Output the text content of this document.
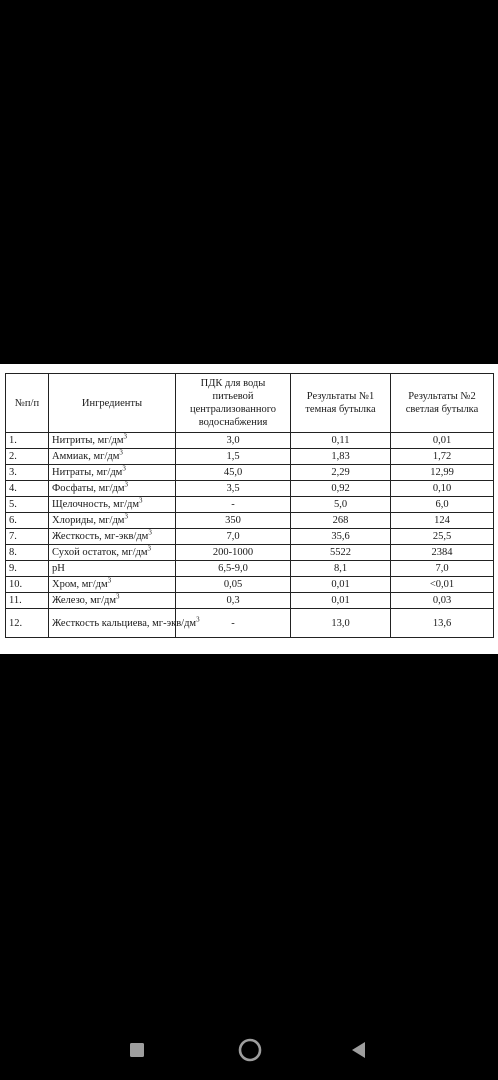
№п/п	Ингредиенты	ПДК для воды питьевой централизованного водоснабжения	Результаты №1 темная бутылка	Результаты №2 светлая бутылка
1.	Нитриты, $мг/дм^3$	3,0	0,11	0,01
2.	Аммиак, $мг/дм^3$	1,5	1,83	1,72
3.	Нитраты, $мг/дм^3$	45,0	2,29	12,99
4.	Фосфаты, $мг/дм^3$	3,5	0,92	0,10
5.	Щелочность, $мг/дм^3$	-	5,0	6,0
6.	Хлориды, $мг/дм^3$	350	268	124
7.	Жесткость, $мг-экв/дм^3$	7,0	35,6	25,5
8.	Сухой остаток, $мг/дм^3$	200-1000	5522	2384
9.	pH	6,5-9,0	8,1	7,0
10.	Хром, $мг/дм^3$	0,05	0,01	<0,01
11.	Железо, $мг/дм^3$	0,3	0,01	0,03
12.	Жесткость кальциева, $мг-экв/дм^3$	-	13,0	13,6
